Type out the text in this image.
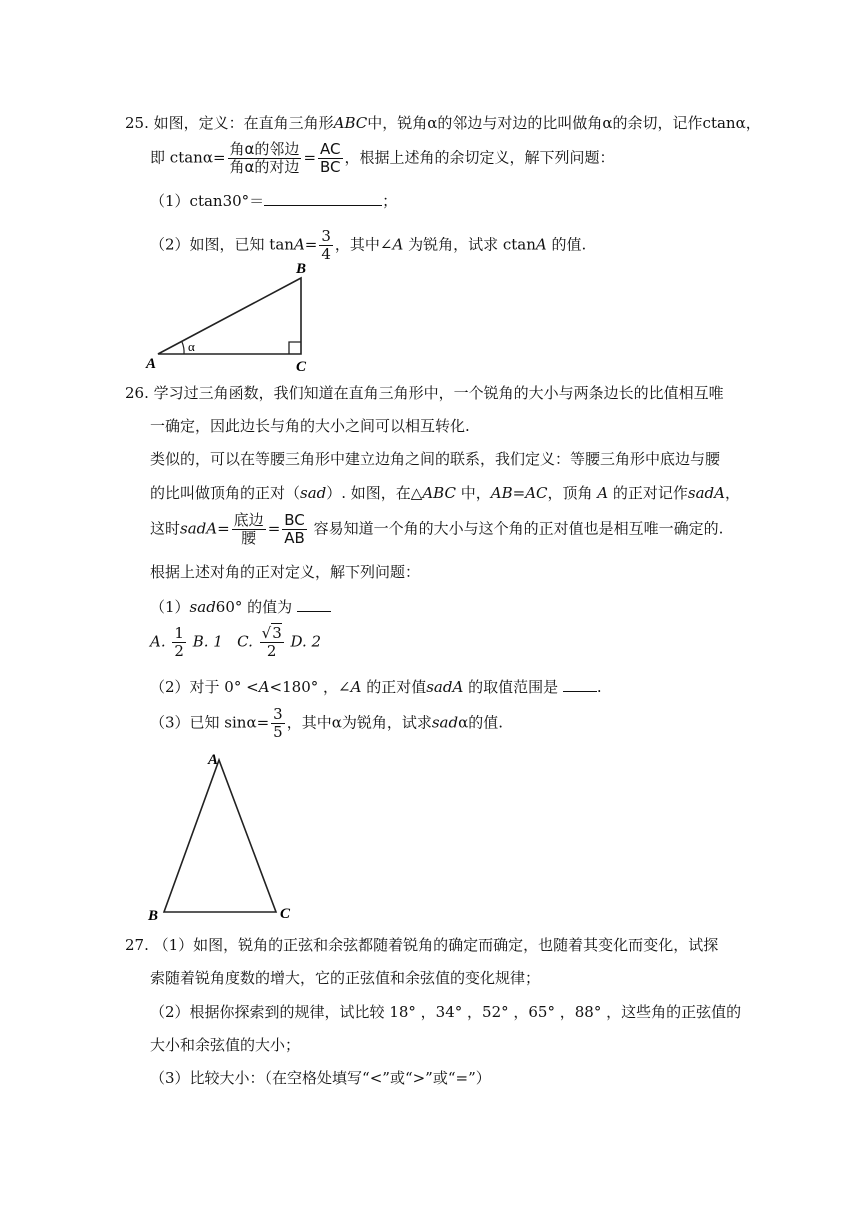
25. 如图，定义：在直角三角形ABC中，锐角α的邻边与对边的比叫做角α的余切，记作ctanα，
即 $ctan\alpha= \frac{\text{角α的邻边}}{\text{角α的对边}} = \frac{AC}{BC}$ ，根据上述角的余切定义，解下列问题：
（1）ctan30°＝	；
（2）如图，已知 $\tan A= \frac{3}{4}$ ，其中∠A 为锐角，试求 ctanA 的值.
A
B
C
α
26. 学习过三角函数，我们知道在直角三角形中，一个锐角的大小与两条边长的比值相互唯
一确定，因此边长与角的大小之间可以相互转化.
类似的，可以在等腰三角形中建立边角之间的联系，我们定义：等腰三角形中底边与腰
的比叫做顶角的正对（sad）. 如图，在△ABC 中，AB=AC，顶角 A 的正对记作sadA，
这时sadA= $\frac{\text{底边}}{\text{腰}} = \frac{BC}{AB}$ 容易知道一个角的大小与这个角的正对值也是相互唯一确定的.
根据上述对角的正对定义，解下列问题：
（1）sad60° 的值为
A. $\frac{1}{2} B$. 1 C. $\frac{√3}{2} D$. 2
（2）对于 0° <A<180° ，∠A 的正对值sadA 的取值范围是	.
（3）已知 $\sin\alpha= \frac{3}{5}$ ，其中α为锐角，试求sadα的值.
A
B	C
27. （1）如图，锐角的正弦和余弦都随着锐角的确定而确定，也随着其变化而变化，试探
索随着锐角度数的增大，它的正弦值和余弦值的变化规律；
（2）根据你探索到的规律，试比较 18° ，34° ，52° ，65° ，88° ，这些角的正弦值的
大小和余弦值的大小；
（3）比较大小：（在空格处填写“<”或“>”或“=”）
